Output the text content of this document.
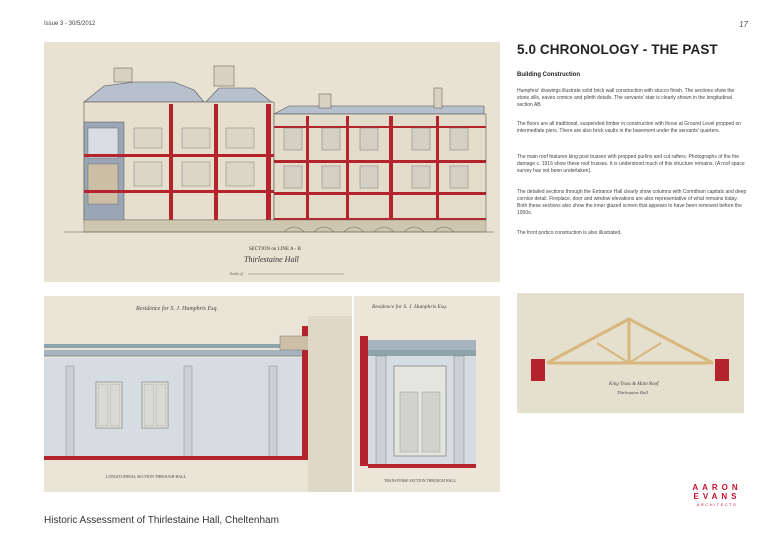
Issue 3 - 30/5/2012	17
SECTION on LINE A - B
Thirlestaine Hall
Scale of
Residence for S. J. Humphris Esq.
LONGITUDINAL SECTION THROUGH HALL
Residence for S. J. Humphris Esq.
TRANSVERSE SECTION THROUGH HALL
King Truss & Main Roof
Thirlestaine Hall
5.0 CHRONOLOGY - THE PAST
Building Construction

Humphris' drawings illustrate solid brick wall construction with stucco finish. The sections show the stone sills, eaves cornice and plinth details. The servants' stair is clearly shown in the longitudinal section AB.

The floors are all traditional, suspended timber in construction with those at Ground Level propped on intermediate piers. There are also brick vaults in the basement under the servants' quarters.

The main roof features king post trusses with propped purlins and cut rafters. Photographs of the fire damage c. 1916 show these roof trusses. It is understood much of this structure remains. (A roof space survey has not been undertaken).

The detailed sections through the Entrance Hall clearly show columns with Corinthian capitals and deep cornice detail. Fireplace, door and window elevations are also representative of what remains today. Both these sections also show the inner glazed screen that appears to have been removed before the 1950s.

The front portico construction is also illustrated.

Historic Assessment of Thirlestaine Hall, Cheltenham
AARON
EVANS
ARCHITECTS
